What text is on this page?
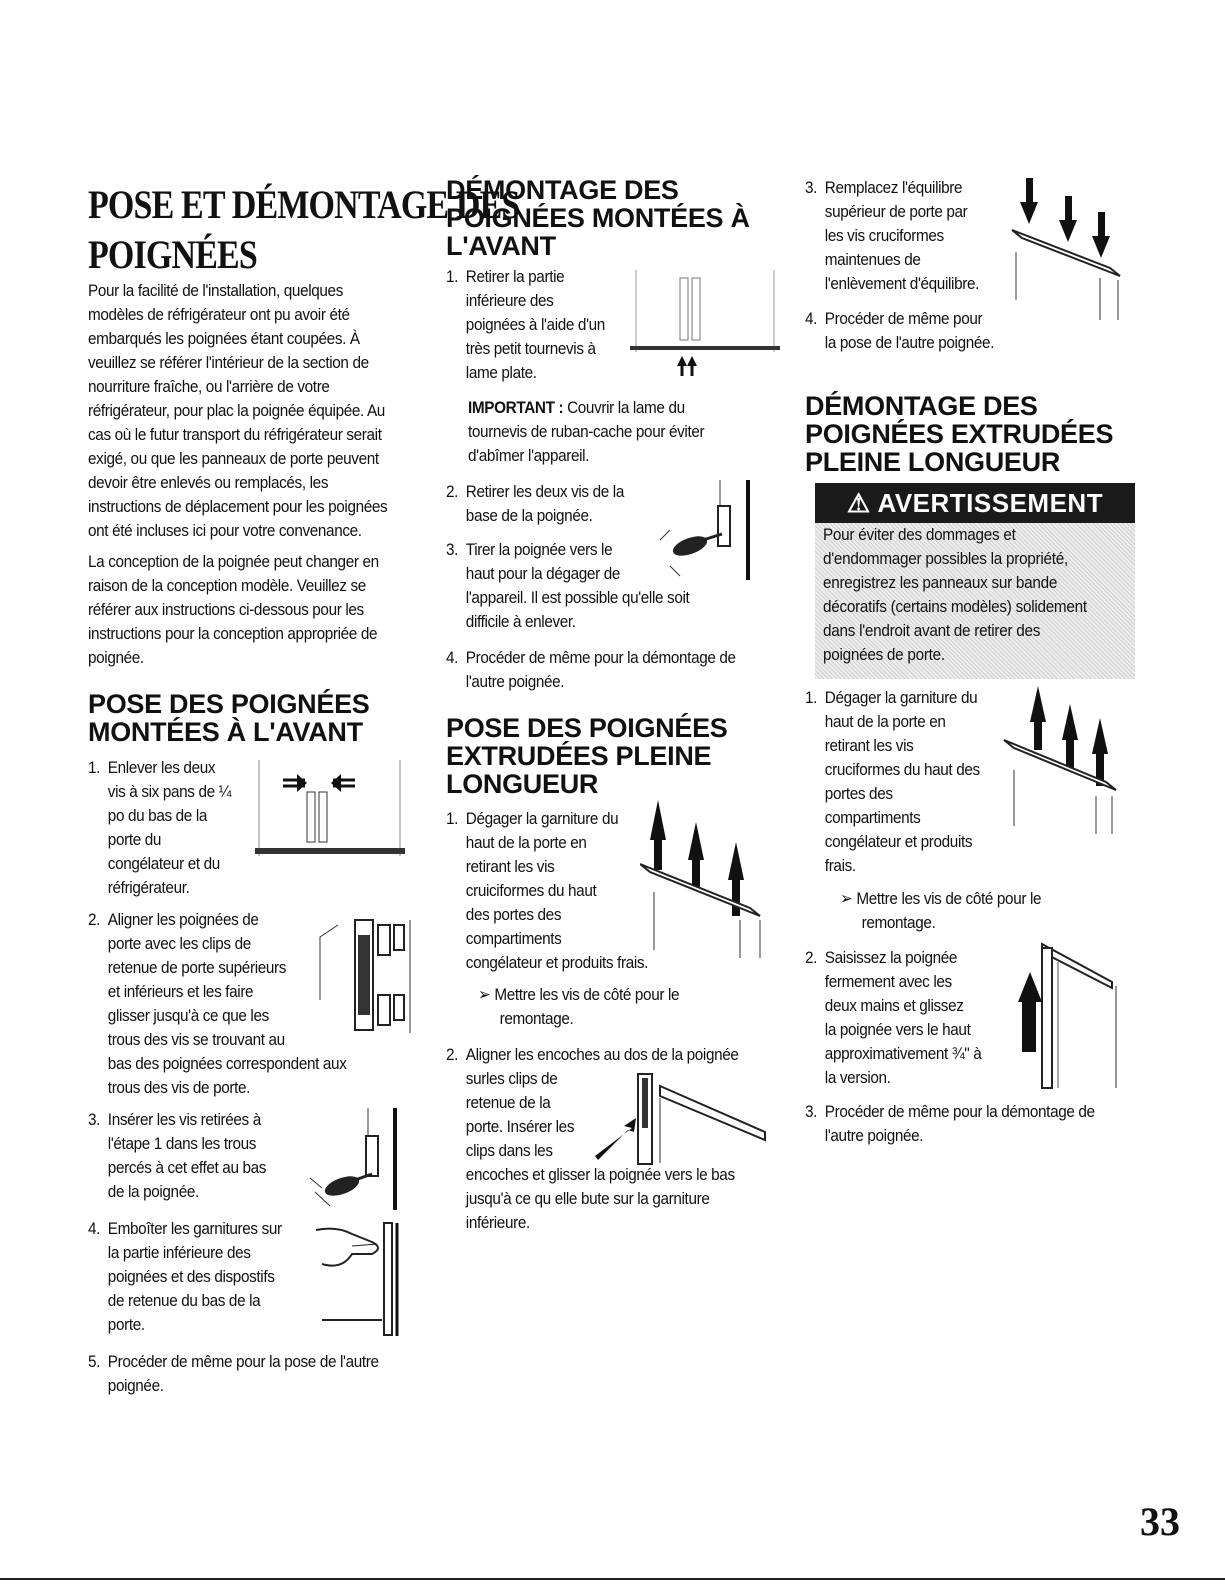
POSE ET DÉMONTAGE DES
POIGNÉES
Pour la facilité de l'installation, quelques
modèles de réfrigérateur ont pu avoir été
embarqués les poignées étant coupées. À
veuillez se référer l'intérieur de la section de
nourriture fraîche, ou l'arrière de votre
réfrigérateur, pour plac la poignée équipée. Au
cas où le futur transport du réfrigérateur serait
exigé, ou que les panneaux de porte peuvent
devoir être enlevés ou remplacés, les
instructions de déplacement pour les poignées
ont été incluses ici pour votre convenance.
La conception de la poignée peut changer en
raison de la conception modèle. Veuillez se
référer aux instructions ci-dessous pour les
instructions pour la conception appropriée de
poignée.
POSE DES POIGNÉES
MONTÉES À L'AVANT
1. Enlever les deux
vis à six pans de ¼
po du bas de la
porte du
congélateur et du
réfrigérateur.
2. Aligner les poignées de
porte avec les clips de
retenue de porte supérieurs
et inférieurs et les faire
glisser jusqu'à ce que les
trous des vis se trouvant au
bas des poignées correspondent aux
trous des vis de porte.
3. Insérer les vis retirées à
l'étape 1 dans les trous
percés à cet effet au bas
de la poignée.
4. Emboîter les garnitures sur
la partie inférieure des
poignées et des dispostifs
de retenue du bas de la
porte.
5. Procéder de même pour la pose de l'autre
poignée.
DÉMONTAGE DES
POIGNÉES MONTÉES À
L'AVANT
1. Retirer la partie
inférieure des
poignées à l'aide d'un
très petit tournevis à
lame plate.
IMPORTANT : Couvrir la lame du
tournevis de ruban-cache pour éviter
d'abîmer l'appareil.
2. Retirer les deux vis de la
base de la poignée.
3. Tirer la poignée vers le
haut pour la dégager de
l'appareil. Il est possible qu'elle soit
difficile à enlever.
4. Procéder de même pour la démontage de
l'autre poignée.
POSE DES POIGNÉES
EXTRUDÉES PLEINE
LONGUEUR
1. Dégager la garniture du
haut de la porte en
retirant les vis
cruiciformes du haut
des portes des
compartiments
congélateur et produits frais.
➢ Mettre les vis de côté pour le
remontage.
2. Aligner les encoches au dos de la poignée
surles clips de
retenue de la
porte. Insérer les
clips dans les
encoches et glisser la poignée vers le bas
jusqu'à ce qu elle bute sur la garniture
inférieure.
3. Remplacez l'équilibre
supérieur de porte par
les vis cruciformes
maintenues de
l'enlèvement d'équilibre.
4. Procéder de même pour
la pose de l'autre poignée.
DÉMONTAGE DES
POIGNÉES EXTRUDÉES
PLEINE LONGUEUR
⚠ AVERTISSEMENT
Pour éviter des dommages et
d'endommager possibles la propriété,
enregistrez les panneaux sur bande
décoratifs (certains modèles) solidement
dans l'endroit avant de retirer des
poignées de porte.
1. Dégager la garniture du
haut de la porte en
retirant les vis
cruciformes du haut des
portes des
compartiments
congélateur et produits
frais.
➢ Mettre les vis de côté pour le
remontage.
2. Saisissez la poignée
fermement avec les
deux mains et glissez
la poignée vers le haut
approximativement ¾" à
la version.
3. Procéder de même pour la démontage de
l'autre poignée.
33
